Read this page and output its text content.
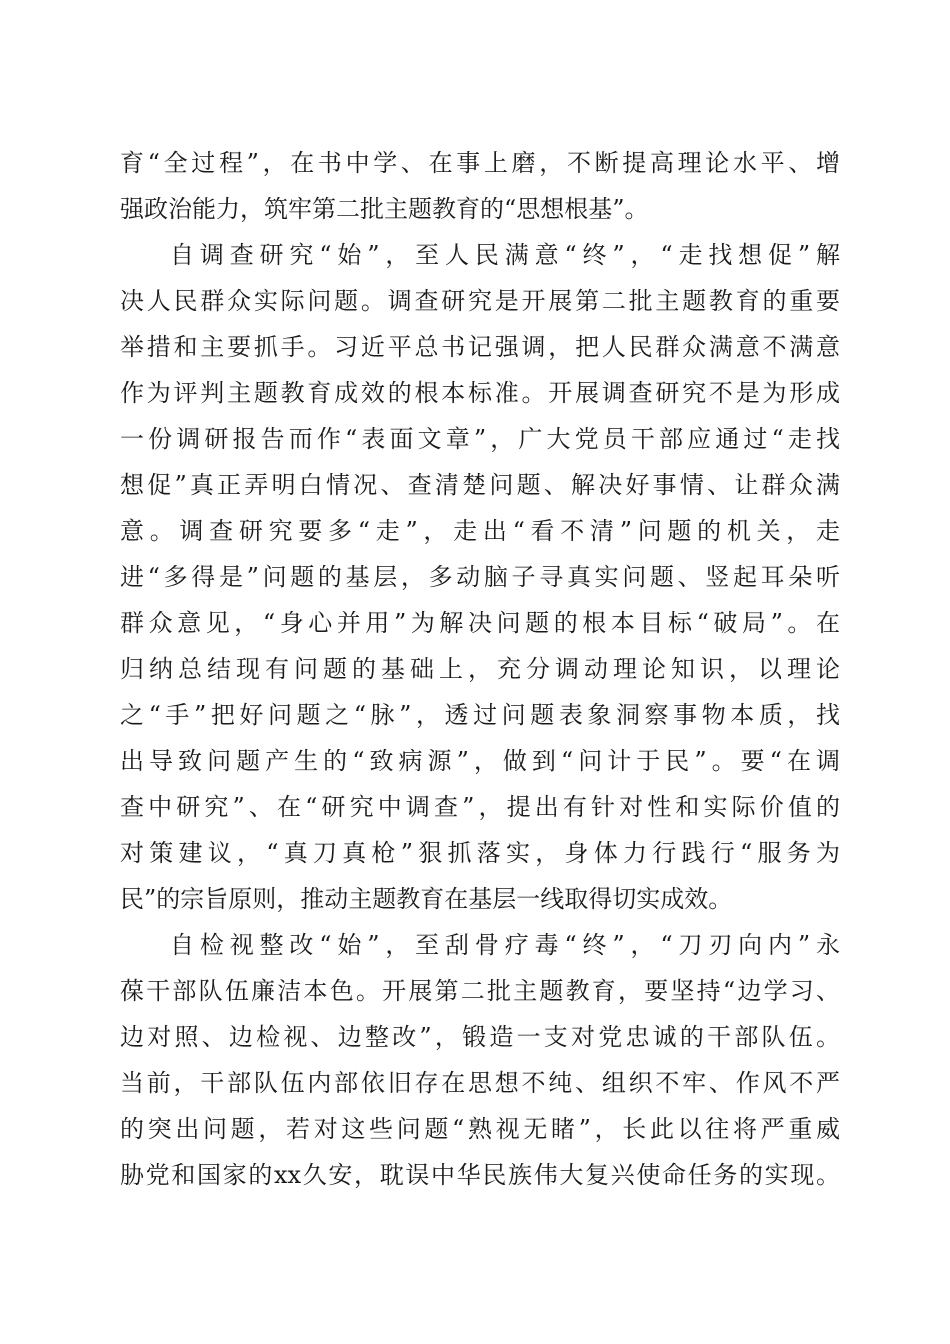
育“全过程”，在书中学、在事上磨，不断提高理论水平、增
强政治能力，筑牢第二批主题教育的“思想根基”。
自调查研究“始”，至人民满意“终”，“走找想促”解
决人民群众实际问题。调查研究是开展第二批主题教育的重要
举措和主要抓手。习近平总书记强调，把人民群众满意不满意
作为评判主题教育成效的根本标准。开展调查研究不是为形成
一份调研报告而作“表面文章”，广大党员干部应通过“走找
想促”真正弄明白情况、查清楚问题、解决好事情、让群众满
意。调查研究要多“走”，走出“看不清”问题的机关，走
进“多得是”问题的基层，多动脑子寻真实问题、竖起耳朵听
群众意见，“身心并用”为解决问题的根本目标“破局”。在
归纳总结现有问题的基础上，充分调动理论知识，以理论
之“手”把好问题之“脉”，透过问题表象洞察事物本质，找
出导致问题产生的“致病源”，做到“问计于民”。要“在调
查中研究”、在“研究中调查”，提出有针对性和实际价值的
对策建议，“真刀真枪”狠抓落实，身体力行践行“服务为
民”的宗旨原则，推动主题教育在基层一线取得切实成效。
自检视整改“始”，至刮骨疗毒“终”，“刀刃向内”永
葆干部队伍廉洁本色。开展第二批主题教育，要坚持“边学习、
边对照、边检视、边整改”，锻造一支对党忠诚的干部队伍。
当前，干部队伍内部依旧存在思想不纯、组织不牢、作风不严
的突出问题，若对这些问题“熟视无睹”，长此以往将严重威
胁党和国家的xx久安，耽误中华民族伟大复兴使命任务的实现。
